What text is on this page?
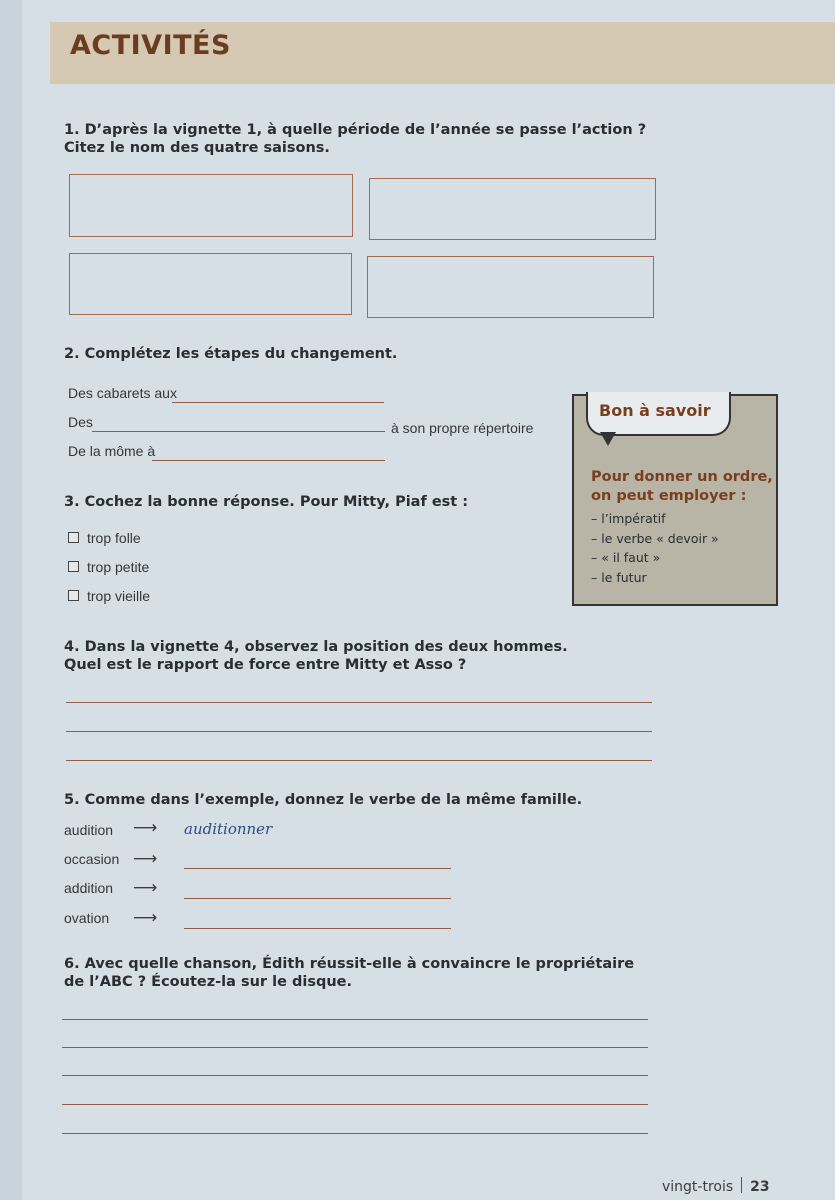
ACTIVITÉS
1. D’après la vignette 1, à quelle période de l’année se passe l’action ?
Citez le nom des quatre saisons.
2. Complétez les étapes du changement.
Des cabarets aux
Des	à son propre répertoire
De la môme à
3. Cochez la bonne réponse. Pour Mitty, Piaf est :
trop folle
trop petite
trop vieille
Bon à savoir
Pour donner un ordre,
on peut employer :
– l’impératif
– le verbe « devoir »
– « il faut »
– le futur
4. Dans la vignette 4, observez la position des deux hommes.
Quel est le rapport de force entre Mitty et Asso ?
5. Comme dans l’exemple, donnez le verbe de la même famille.
audition ⟶ auditionner
occasion ⟶
addition ⟶
ovation ⟶
6. Avec quelle chanson, Édith réussit-elle à convaincre le propriétaire
de l’ABC ? Écoutez-la sur le disque.
vingt-trois 23
